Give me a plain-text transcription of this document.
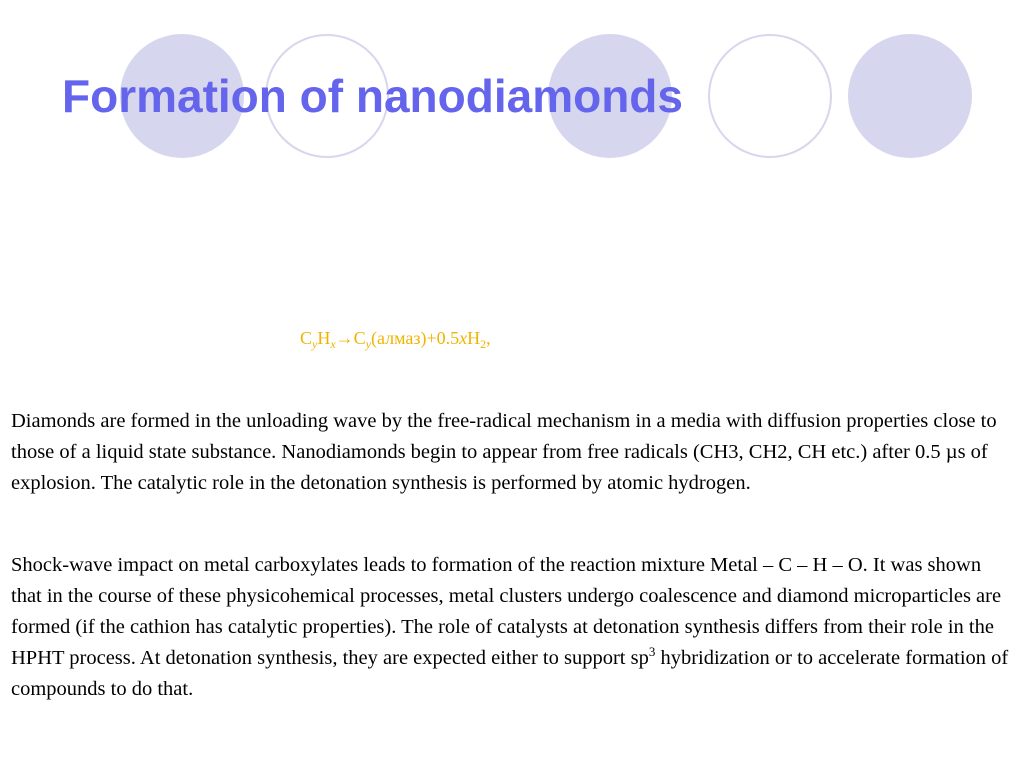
Formation of nanodiamonds
$C_yH_x\to C_y(алмаз)+0.5xH_2$,

Diamonds are formed in the unloading wave by the free-radical mechanism in a media with diffusion properties close to those of a liquid state substance. Nanodiamonds begin to appear from free radicals (CH3, CH2, CH etc.) after 0.5 µs of explosion. The catalytic role in the detonation synthesis is performed by atomic hydrogen.

Shock-wave impact on metal carboxylates leads to formation of the reaction mixture Metal – C – H – O. It was shown that in the course of these physicohemical processes, metal clusters undergo coalescence and diamond microparticles are formed (if the cathion has catalytic properties). The role of catalysts at detonation synthesis differs from their role in the HPHT process. At detonation synthesis, they are expected either to support $sp^3$ hybridization or to accelerate formation of compounds to do that.
